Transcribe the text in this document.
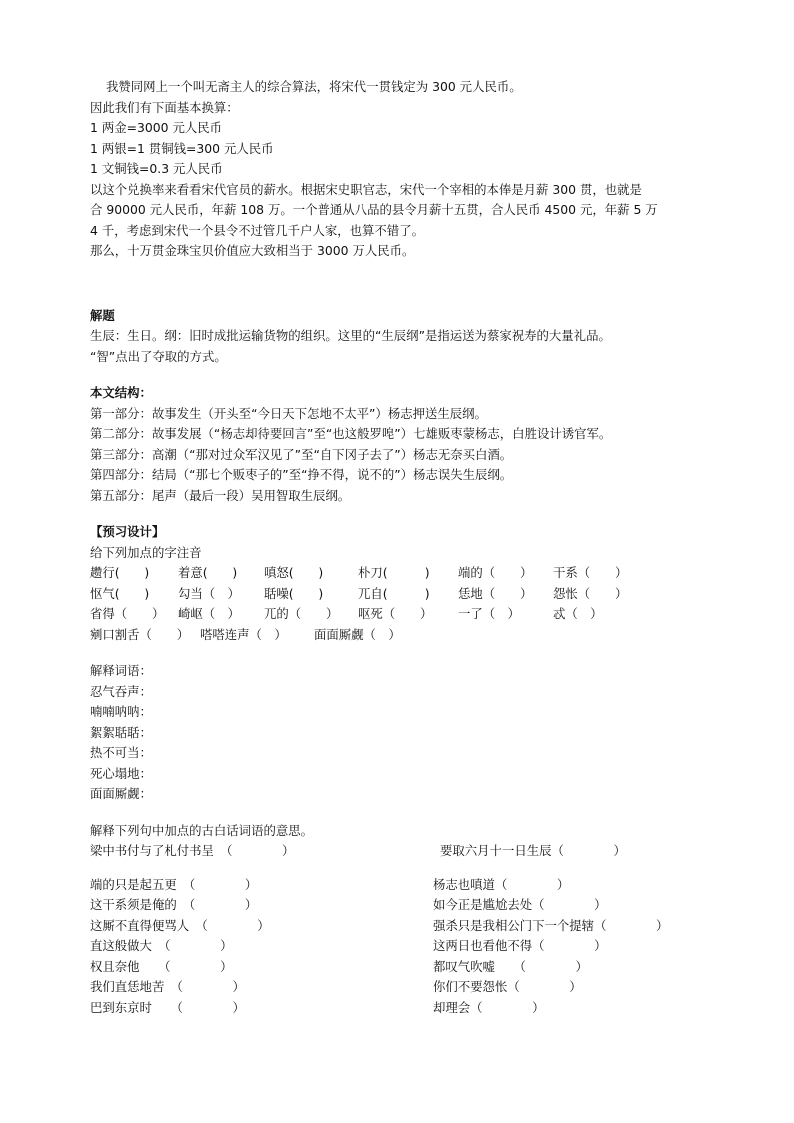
我赞同网上一个叫无斋主人的综合算法，将宋代一贯钱定为 300 元人民币。
因此我们有下面基本换算：
1 两金=3000 元人民币
1 两银=1 贯铜钱=300 元人民币
1 文铜钱=0.3 元人民币
以这个兑换率来看看宋代官员的薪水。根据宋史职官志，宋代一个宰相的本俸是月薪 300 贯，也就是
合 90000 元人民币，年薪 108 万。一个普通从八品的县令月薪十五贯，合人民币 4500 元，年薪 5 万
4 千，考虑到宋代一个县令不过管几千户人家，也算不错了。
那么，十万贯金珠宝贝价值应大致相当于 3000 万人民币。
解题
生辰：生日。纲：旧时成批运输货物的组织。这里的“生辰纲”是指运送为蔡家祝寿的大量礼品。
“智”点出了夺取的方式。
本文结构：
第一部分：故事发生（开头至“今日天下怎地不太平”）杨志押送生辰纲。
第二部分：故事发展（“杨志却待要回言”至“也这般罗唣”）七雄贩枣蒙杨志，白胜设计诱官军。
第三部分：高潮（“那对过众军汉见了”至“自下冈子去了”）杨志无奈买白酒。
第四部分：结局（“那七个贩枣子的”至“挣不得，说不的”）杨志误失生辰纲。
第五部分：尾声（最后一段）吴用智取生辰纲。
【预习设计】
给下列加点的字注音
趱行(　　) 着意(　　) 嗔怒(　　)	朴刀(　　　) 端的（　　） 干系（　　）
怄气(　　) 勾当（　） 聒噪(　　)	兀自(　　　) 恁地（　　） 怨怅（　　）
省得（　　） 崎岖（　） 兀的（　　） 呕死（　　） 一了（　）	忒（　）
剜口割舌（　　） 嗒嗒连声（　） 面面厮觑（　）
解释词语：
忍气吞声：
喃喃呐呐：
絮絮聒聒：
热不可当：
死心塌地：
面面厮觑：
解释下列句中加点的古白话词语的意思。
梁中书付与了札付书呈　（　　　　）	要取六月十一日生辰（　　　　）
端的只是起五更　（　　　　）	杨志也嗔道（　　　　）
这干系须是俺的　（　　　　）	如今正是尴尬去处（　　　　）
这厮不直得便骂人　（　　　　）	强杀只是我相公门下一个提辖（　　　　）
直这般做大　（　　　　）	这两日也看他不得（　　　　）
权且奈他　　（　　　　）	都叹气吹嘘　　（　　　　）
我们直恁地苦　（　　　　）	你们不要怨怅（　　　　）
巴到东京时　　（　　　　）	却理会（　　　　）
